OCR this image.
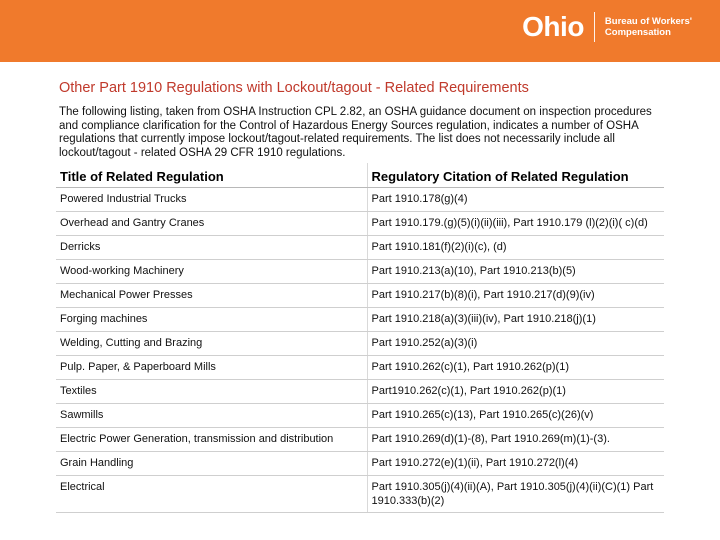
Ohio Bureau of Workers'
Compensation
Other Part 1910 Regulations with Lockout/tagout - Related Requirements

The following listing, taken from OSHA Instruction CPL 2.82, an OSHA guidance document on inspection procedures and compliance clarification for the Control of Hazardous Energy Sources regulation, indicates a number of OSHA regulations that currently impose lockout/tagout-related requirements. The list does not necessarily include all lockout/tagout - related OSHA 29 CFR 1910 regulations.

Title of Related Regulation	Regulatory Citation of Related Regulation
Powered Industrial Trucks	Part 1910.178(g)(4)
Overhead and Gantry Cranes	Part 1910.179.(g)(5)(i)(ii)(iii), Part 1910.179 (l)(2)(i)( c)(d)
Derricks	Part 1910.181(f)(2)(i)(c), (d)
Wood-working Machinery	Part 1910.213(a)(10), Part 1910.213(b)(5)
Mechanical Power Presses	Part 1910.217(b)(8)(i), Part 1910.217(d)(9)(iv)
Forging machines	Part 1910.218(a)(3)(iii)(iv), Part 1910.218(j)(1)
Welding, Cutting and Brazing	Part 1910.252(a)(3)(i)
Pulp. Paper, & Paperboard Mills	Part 1910.262(c)(1), Part 1910.262(p)(1)
Textiles	Part1910.262(c)(1), Part 1910.262(p)(1)
Sawmills	Part 1910.265(c)(13), Part 1910.265(c)(26)(v)
Electric Power Generation, transmission and distribution	Part 1910.269(d)(1)-(8), Part 1910.269(m)(1)-(3).
Grain Handling	Part 1910.272(e)(1)(ii), Part 1910.272(l)(4)
Electrical	Part 1910.305(j)(4)(ii)(A), Part 1910.305(j)(4)(ii)(C)(1) Part 1910.333(b)(2)
